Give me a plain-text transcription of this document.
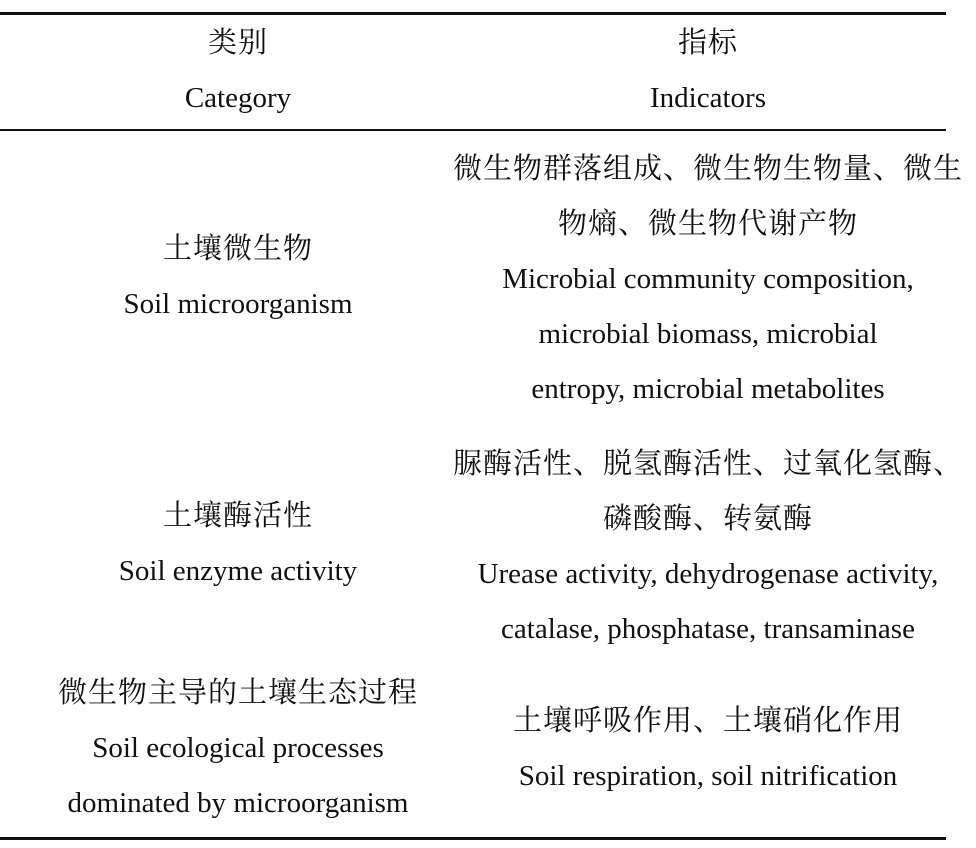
类别
Category
指标
Indicators
土壤微生物
Soil microorganism
微生物群落组成、微生物生物量、微生
物熵、微生物代谢产物
Microbial community composition,
microbial biomass, microbial
entropy, microbial metabolites
土壤酶活性
Soil enzyme activity
脲酶活性、脱氢酶活性、过氧化氢酶、
磷酸酶、转氨酶
Urease activity, dehydrogenase activity,
catalase, phosphatase, transaminase
微生物主导的土壤生态过程
Soil ecological processes
dominated by microorganism
土壤呼吸作用、土壤硝化作用
Soil respiration, soil nitrification
